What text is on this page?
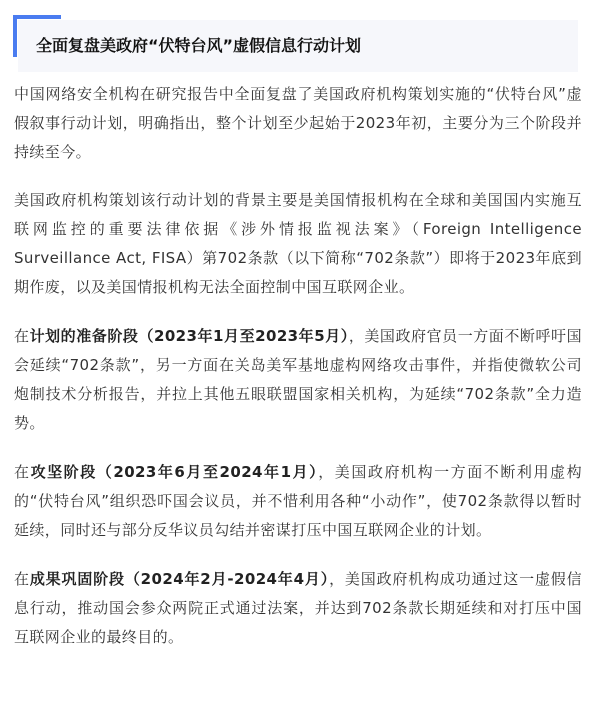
全面复盘美政府“伏特台风”虚假信息行动计划

中国网络安全机构在研究报告中全面复盘了美国政府机构策划实施的“伏特台风”虚假叙事行动计划，明确指出，整个计划至少起始于2023年初，主要分为三个阶段并持续至今。

美国政府机构策划该行动计划的背景主要是美国情报机构在全球和美国国内实施互联网监控的重要法律依据《涉外情报监视法案》（Foreign Intelligence Surveillance Act, FISA）第702条款（以下简称“702条款”）即将于2023年底到期作废，以及美国情报机构无法全面控制中国互联网企业。

在计划的准备阶段（2023年1月至2023年5月），美国政府官员一方面不断呼吁国会延续“702条款”，另一方面在关岛美军基地虚构网络攻击事件，并指使微软公司炮制技术分析报告，并拉上其他五眼联盟国家相关机构，为延续“702条款”全力造势。

在攻坚阶段（2023年6月至2024年1月），美国政府机构一方面不断利用虚构的“伏特台风”组织恐吓国会议员，并不惜利用各种“小动作”，使702条款得以暂时延续，同时还与部分反华议员勾结并密谋打压中国互联网企业的计划。

在成果巩固阶段（2024年2月-2024年4月），美国政府机构成功通过这一虚假信息行动，推动国会参众两院正式通过法案，并达到702条款长期延续和对打压中国互联网企业的最终目的。
